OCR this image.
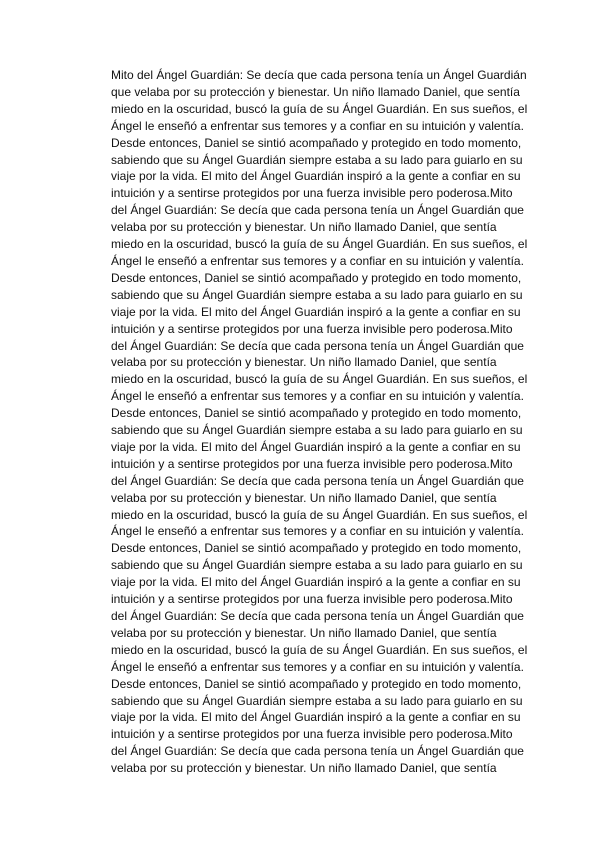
Mito del Ángel Guardián: Se decía que cada persona tenía un Ángel Guardián
que velaba por su protección y bienestar. Un niño llamado Daniel, que sentía
miedo en la oscuridad, buscó la guía de su Ángel Guardián. En sus sueños, el
Ángel le enseñó a enfrentar sus temores y a confiar en su intuición y valentía.
Desde entonces, Daniel se sintió acompañado y protegido en todo momento,
sabiendo que su Ángel Guardián siempre estaba a su lado para guiarlo en su
viaje por la vida. El mito del Ángel Guardián inspiró a la gente a confiar en su
intuición y a sentirse protegidos por una fuerza invisible pero poderosa.Mito
del Ángel Guardián: Se decía que cada persona tenía un Ángel Guardián que
velaba por su protección y bienestar. Un niño llamado Daniel, que sentía
miedo en la oscuridad, buscó la guía de su Ángel Guardián. En sus sueños, el
Ángel le enseñó a enfrentar sus temores y a confiar en su intuición y valentía.
Desde entonces, Daniel se sintió acompañado y protegido en todo momento,
sabiendo que su Ángel Guardián siempre estaba a su lado para guiarlo en su
viaje por la vida. El mito del Ángel Guardián inspiró a la gente a confiar en su
intuición y a sentirse protegidos por una fuerza invisible pero poderosa.Mito
del Ángel Guardián: Se decía que cada persona tenía un Ángel Guardián que
velaba por su protección y bienestar. Un niño llamado Daniel, que sentía
miedo en la oscuridad, buscó la guía de su Ángel Guardián. En sus sueños, el
Ángel le enseñó a enfrentar sus temores y a confiar en su intuición y valentía.
Desde entonces, Daniel se sintió acompañado y protegido en todo momento,
sabiendo que su Ángel Guardián siempre estaba a su lado para guiarlo en su
viaje por la vida. El mito del Ángel Guardián inspiró a la gente a confiar en su
intuición y a sentirse protegidos por una fuerza invisible pero poderosa.Mito
del Ángel Guardián: Se decía que cada persona tenía un Ángel Guardián que
velaba por su protección y bienestar. Un niño llamado Daniel, que sentía
miedo en la oscuridad, buscó la guía de su Ángel Guardián. En sus sueños, el
Ángel le enseñó a enfrentar sus temores y a confiar en su intuición y valentía.
Desde entonces, Daniel se sintió acompañado y protegido en todo momento,
sabiendo que su Ángel Guardián siempre estaba a su lado para guiarlo en su
viaje por la vida. El mito del Ángel Guardián inspiró a la gente a confiar en su
intuición y a sentirse protegidos por una fuerza invisible pero poderosa.Mito
del Ángel Guardián: Se decía que cada persona tenía un Ángel Guardián que
velaba por su protección y bienestar. Un niño llamado Daniel, que sentía
miedo en la oscuridad, buscó la guía de su Ángel Guardián. En sus sueños, el
Ángel le enseñó a enfrentar sus temores y a confiar en su intuición y valentía.
Desde entonces, Daniel se sintió acompañado y protegido en todo momento,
sabiendo que su Ángel Guardián siempre estaba a su lado para guiarlo en su
viaje por la vida. El mito del Ángel Guardián inspiró a la gente a confiar en su
intuición y a sentirse protegidos por una fuerza invisible pero poderosa.Mito
del Ángel Guardián: Se decía que cada persona tenía un Ángel Guardián que
velaba por su protección y bienestar. Un niño llamado Daniel, que sentía
